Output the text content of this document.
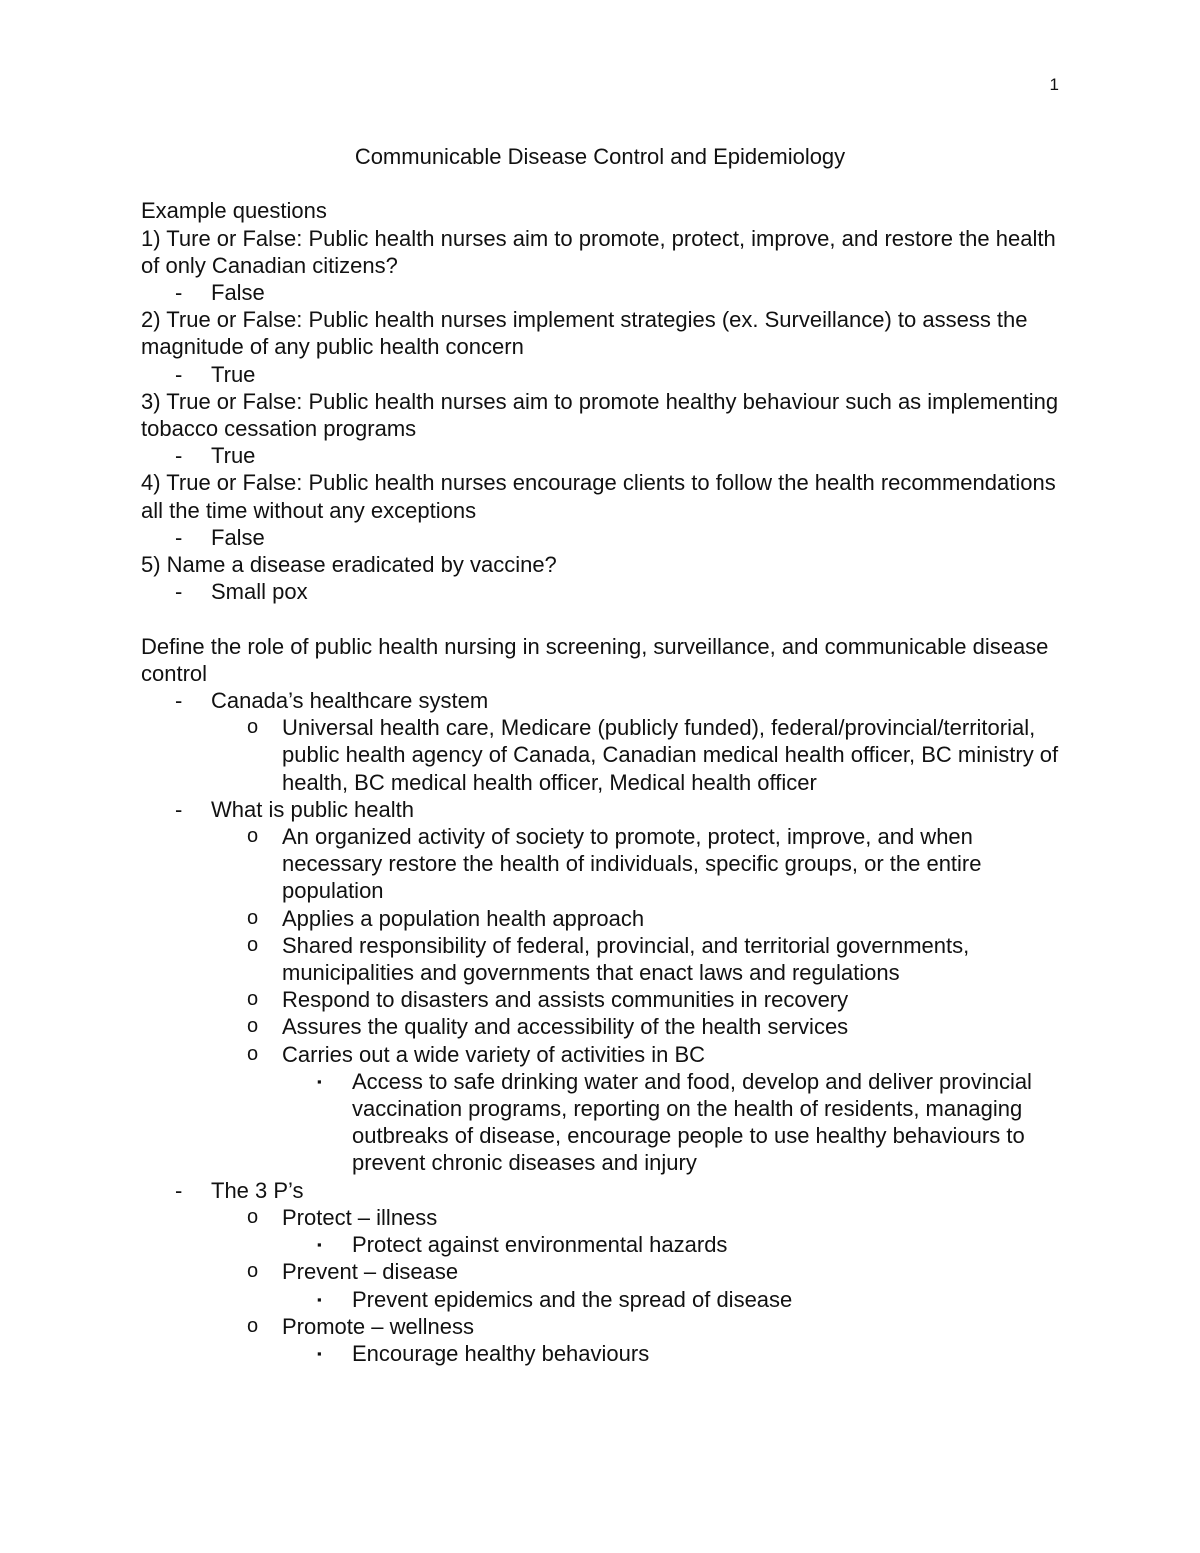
1
Communicable Disease Control and Epidemiology

Example questions

1) Ture or False: Public health nurses aim to promote, protect, improve, and restore the health of only Canadian citizens?

- False

2) True or False: Public health nurses implement strategies (ex. Surveillance) to assess the magnitude of any public health concern

- True

3) True or False: Public health nurses aim to promote healthy behaviour such as implementing tobacco cessation programs

- True

4) True or False: Public health nurses encourage clients to follow the health recommendations all the time without any exceptions

- False

5) Name a disease eradicated by vaccine?

- Small pox

Define the role of public health nursing in screening, surveillance, and communicable disease control

- Canada’s healthcare system
o Universal health care, Medicare (publicly funded), federal/provincial/territorial, public health agency of Canada, Canadian medical health officer, BC ministry of health, BC medical health officer, Medical health officer
- What is public health
o An organized activity of society to promote, protect, improve, and when necessary restore the health of individuals, specific groups, or the entire population
o Applies a population health approach
o Shared responsibility of federal, provincial, and territorial governments, municipalities and governments that enact laws and regulations
o Respond to disasters and assists communities in recovery
o Assures the quality and accessibility of the health services
o Carries out a wide variety of activities in BC
▪ Access to safe drinking water and food, develop and deliver provincial vaccination programs, reporting on the health of residents, managing outbreaks of disease, encourage people to use healthy behaviours to prevent chronic diseases and injury
- The 3 P’s
o Protect – illness
▪ Protect against environmental hazards
o Prevent – disease
▪ Prevent epidemics and the spread of disease
o Promote – wellness
▪ Encourage healthy behaviours
